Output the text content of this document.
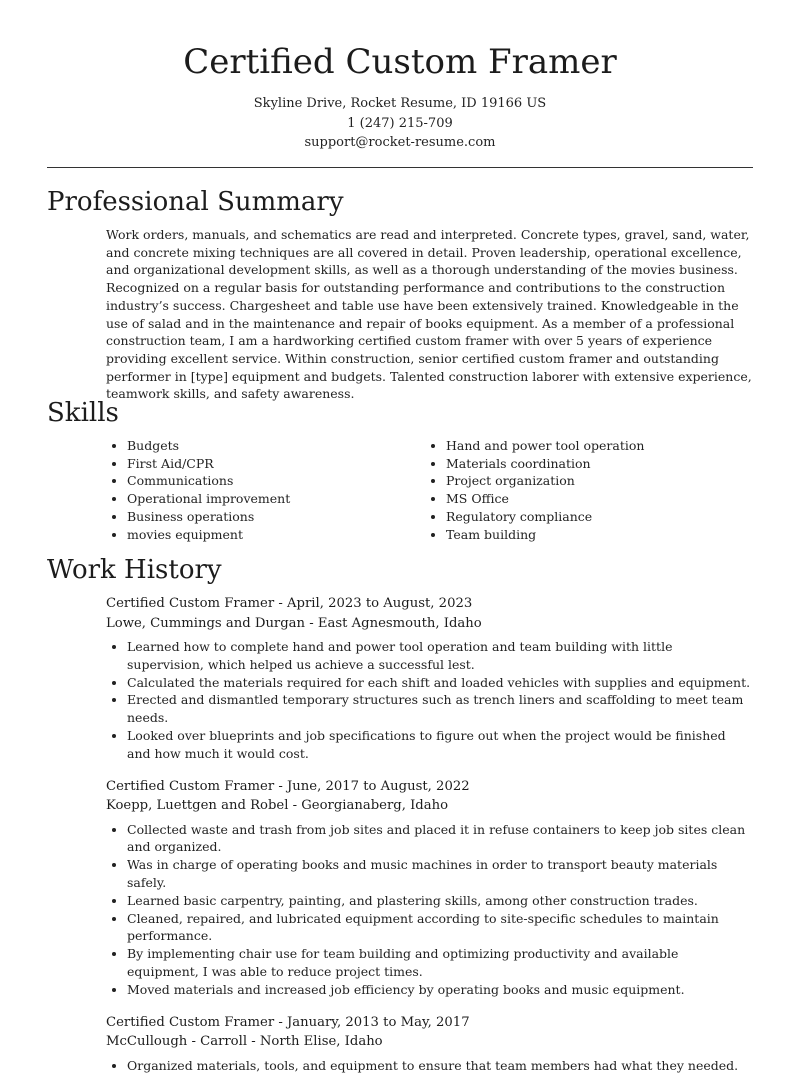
Certified Custom Framer
Skyline Drive, Rocket Resume, ID 19166 US
1 (247) 215-709
support@rocket-resume.com
Professional Summary

Work orders, manuals, and schematics are read and interpreted. Concrete types, gravel, sand, water, and concrete mixing techniques are all covered in detail. Proven leadership, operational excellence, and organizational development skills, as well as a thorough understanding of the movies business. Recognized on a regular basis for outstanding performance and contributions to the construction industry’s success. Chargesheet and table use have been extensively trained. Knowledgeable in the use of salad and in the maintenance and repair of books equipment. As a member of a professional construction team, I am a hardworking certified custom framer with over 5 years of experience providing excellent service. Within construction, senior certified custom framer and outstanding performer in [type] equipment and budgets. Talented construction laborer with extensive experience, teamwork skills, and safety awareness.

Skills
• Budgets
• First Aid/CPR
• Communications
• Operational improvement
• Business operations
• movies equipment
• Hand and power tool operation
• Materials coordination
• Project organization
• MS Office
• Regulatory compliance
• Team building
Work History
Certified Custom Framer - April, 2023 to August, 2023
Lowe, Cummings and Durgan - East Agnesmouth, Idaho
• Learned how to complete hand and power tool operation and team building with little supervision, which helped us achieve a successful lest.
• Calculated the materials required for each shift and loaded vehicles with supplies and equipment.
• Erected and dismantled temporary structures such as trench liners and scaffolding to meet team needs.
• Looked over blueprints and job specifications to figure out when the project would be finished and how much it would cost.
Certified Custom Framer - June, 2017 to August, 2022
Koepp, Luettgen and Robel - Georgianaberg, Idaho
• Collected waste and trash from job sites and placed it in refuse containers to keep job sites clean and organized.
• Was in charge of operating books and music machines in order to transport beauty materials safely.
• Learned basic carpentry, painting, and plastering skills, among other construction trades.
• Cleaned, repaired, and lubricated equipment according to site-specific schedules to maintain performance.
• By implementing chair use for team building and optimizing productivity and available equipment, I was able to reduce project times.
• Moved materials and increased job efficiency by operating books and music equipment.
Certified Custom Framer - January, 2013 to May, 2017
McCullough - Carroll - North Elise, Idaho
• Organized materials, tools, and equipment to ensure that team members had what they needed.
